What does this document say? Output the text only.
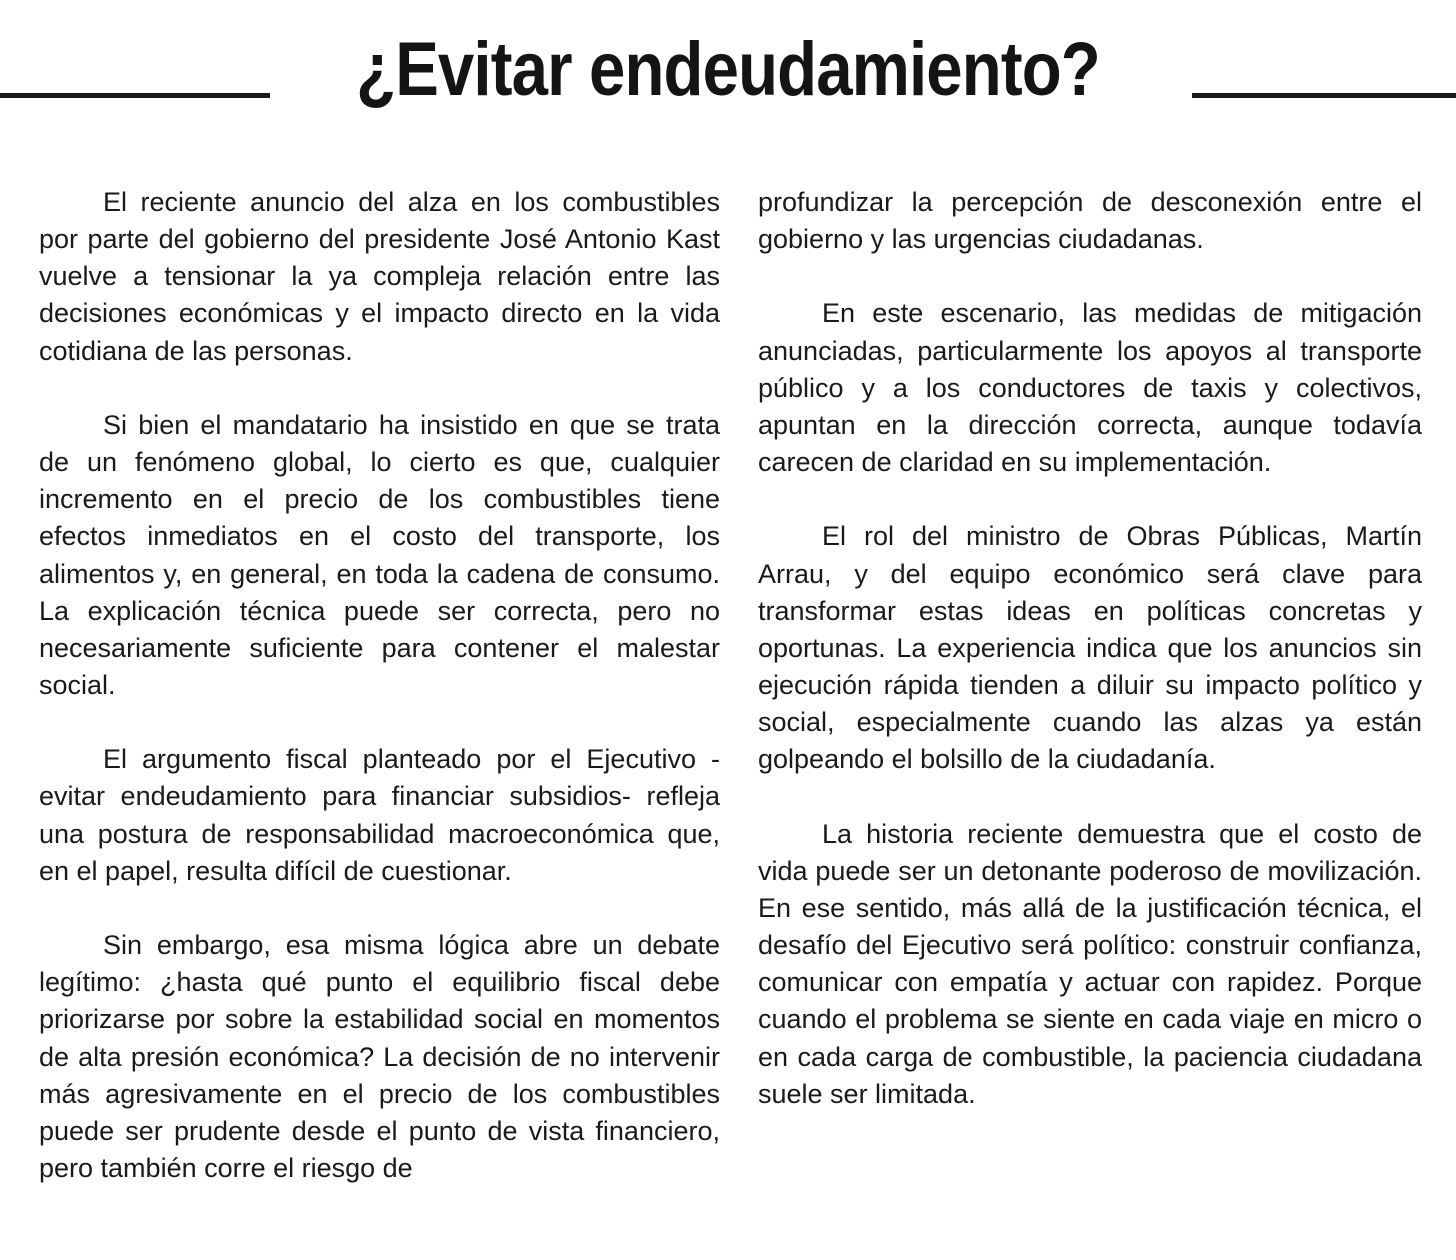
¿Evitar endeudamiento?

El reciente anuncio del alza en los combustibles por parte del gobierno del presidente José Antonio Kast vuelve a tensionar la ya compleja relación entre las decisiones económicas y el impacto directo en la vida cotidiana de las personas.

Si bien el mandatario ha insistido en que se trata de un fenómeno global, lo cierto es que, cualquier incremento en el precio de los combustibles tiene efectos inmediatos en el costo del transporte, los alimentos y, en general, en toda la cadena de consumo. La explicación técnica puede ser correcta, pero no necesariamente suficiente para contener el malestar social.

El argumento fiscal planteado por el Ejecutivo -evitar endeudamiento para financiar subsidios- refleja una postura de responsabilidad macroeconómica que, en el papel, resulta difícil de cuestionar.

Sin embargo, esa misma lógica abre un debate legítimo: ¿hasta qué punto el equilibrio fiscal debe priorizarse por sobre la estabilidad social en momentos de alta presión económica? La decisión de no intervenir más agresivamente en el precio de los combustibles puede ser prudente desde el punto de vista financiero, pero también corre el riesgo de

profundizar la percepción de desconexión entre el gobierno y las urgencias ciudadanas.

En este escenario, las medidas de mitigación anunciadas, particularmente los apoyos al transporte público y a los conductores de taxis y colectivos, apuntan en la dirección correcta, aunque todavía carecen de claridad en su implementación.

El rol del ministro de Obras Públicas, Martín Arrau, y del equipo económico será clave para transformar estas ideas en políticas concretas y oportunas. La experiencia indica que los anuncios sin ejecución rápida tienden a diluir su impacto político y social, especialmente cuando las alzas ya están golpeando el bolsillo de la ciudadanía.

La historia reciente demuestra que el costo de vida puede ser un detonante poderoso de movilización. En ese sentido, más allá de la justificación técnica, el desafío del Ejecutivo será político: construir confianza, comunicar con empatía y actuar con rapidez. Porque cuando el problema se siente en cada viaje en micro o en cada carga de combustible, la paciencia ciudadana suele ser limitada.
